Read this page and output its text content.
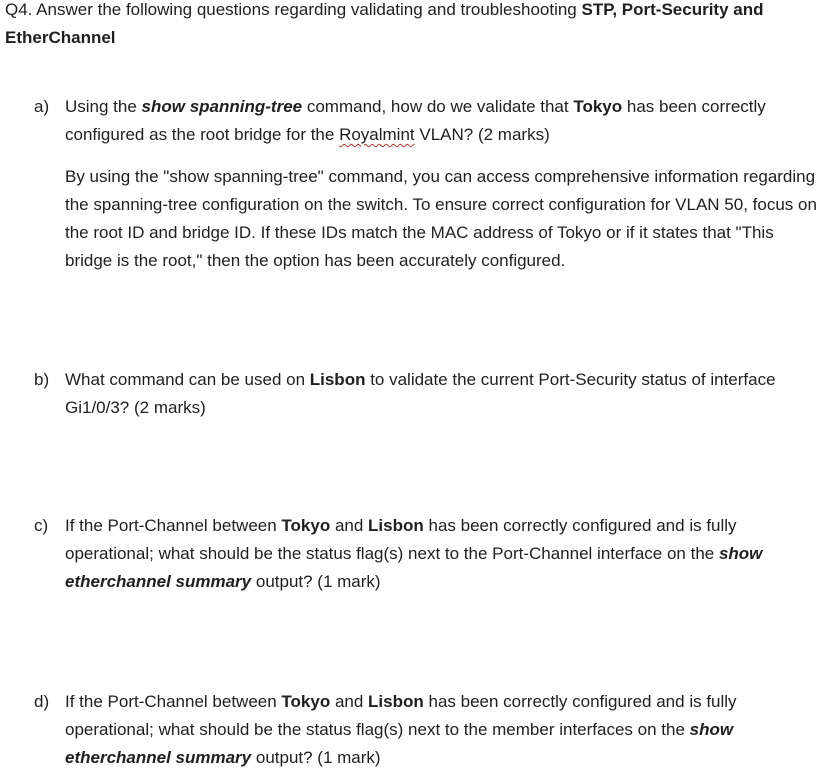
Q4. Answer the following questions regarding validating and troubleshooting STP, Port-Security and EtherChannel
a) Using the show spanning-tree command, how do we validate that Tokyo has been correctly configured as the root bridge for the Royalmint VLAN? (2 marks)
By using the "show spanning-tree" command, you can access comprehensive information regarding the spanning-tree configuration on the switch. To ensure correct configuration for VLAN 50, focus on the root ID and bridge ID. If these IDs match the MAC address of Tokyo or if it states that "This bridge is the root," then the option has been accurately configured.
b) What command can be used on Lisbon to validate the current Port-Security status of interface Gi1/0/3? (2 marks)
c) If the Port-Channel between Tokyo and Lisbon has been correctly configured and is fully operational; what should be the status flag(s) next to the Port-Channel interface on the show etherchannel summary output? (1 mark)
d) If the Port-Channel between Tokyo and Lisbon has been correctly configured and is fully operational; what should be the status flag(s) next to the member interfaces on the show etherchannel summary output? (1 mark)
